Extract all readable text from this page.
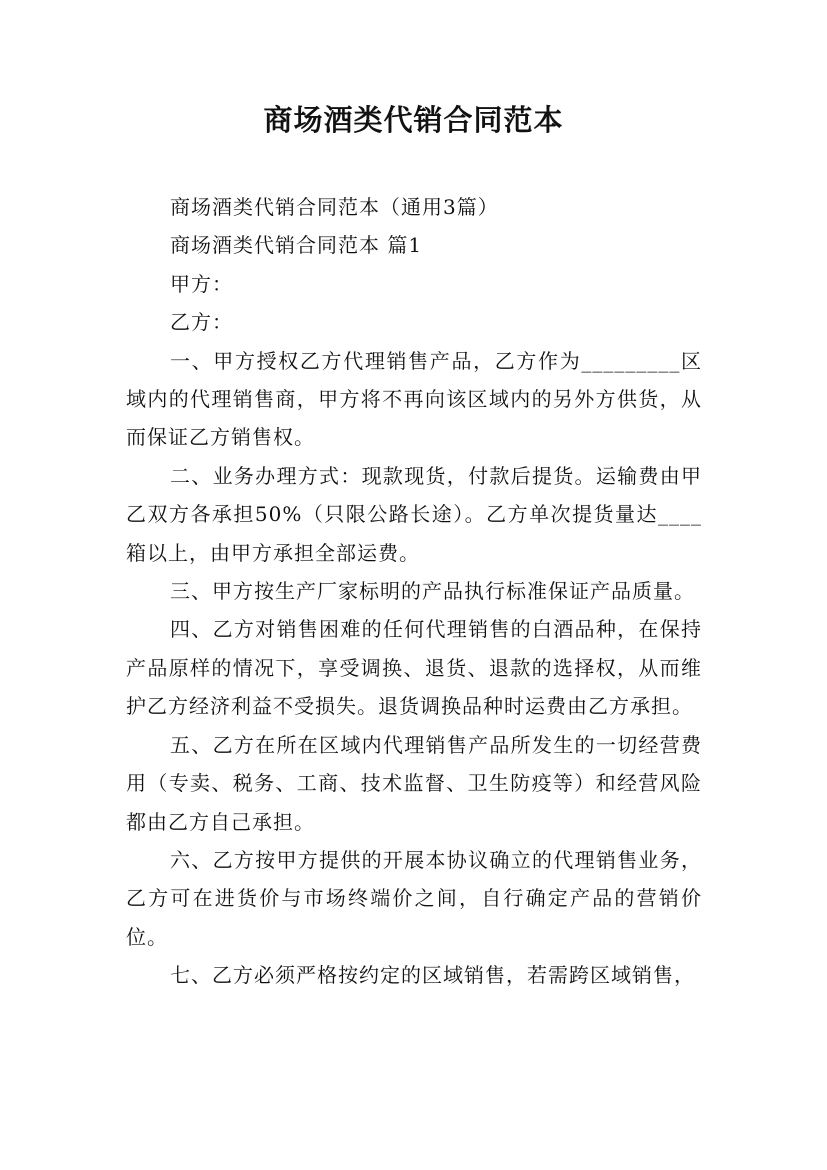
商场酒类代销合同范本

商场酒类代销合同范本（通用3篇）

商场酒类代销合同范本 篇1

甲方：

乙方：

一、甲方授权乙方代理销售产品，乙方作为_________区域内的代理销售商，甲方将不再向该区域内的另外方供货，从而保证乙方销售权。

二、业务办理方式：现款现货，付款后提货。运输费由甲乙双方各承担50%（只限公路长途）。乙方单次提货量达____箱以上，由甲方承担全部运费。

三、甲方按生产厂家标明的产品执行标准保证产品质量。

四、乙方对销售困难的任何代理销售的白酒品种，在保持产品原样的情况下，享受调换、退货、退款的选择权，从而维护乙方经济利益不受损失。退货调换品种时运费由乙方承担。

五、乙方在所在区域内代理销售产品所发生的一切经营费用（专卖、税务、工商、技术监督、卫生防疫等）和经营风险都由乙方自己承担。

六、乙方按甲方提供的开展本协议确立的代理销售业务，乙方可在进货价与市场终端价之间，自行确定产品的营销价位。

七、乙方必须严格按约定的区域销售，若需跨区域销售，
